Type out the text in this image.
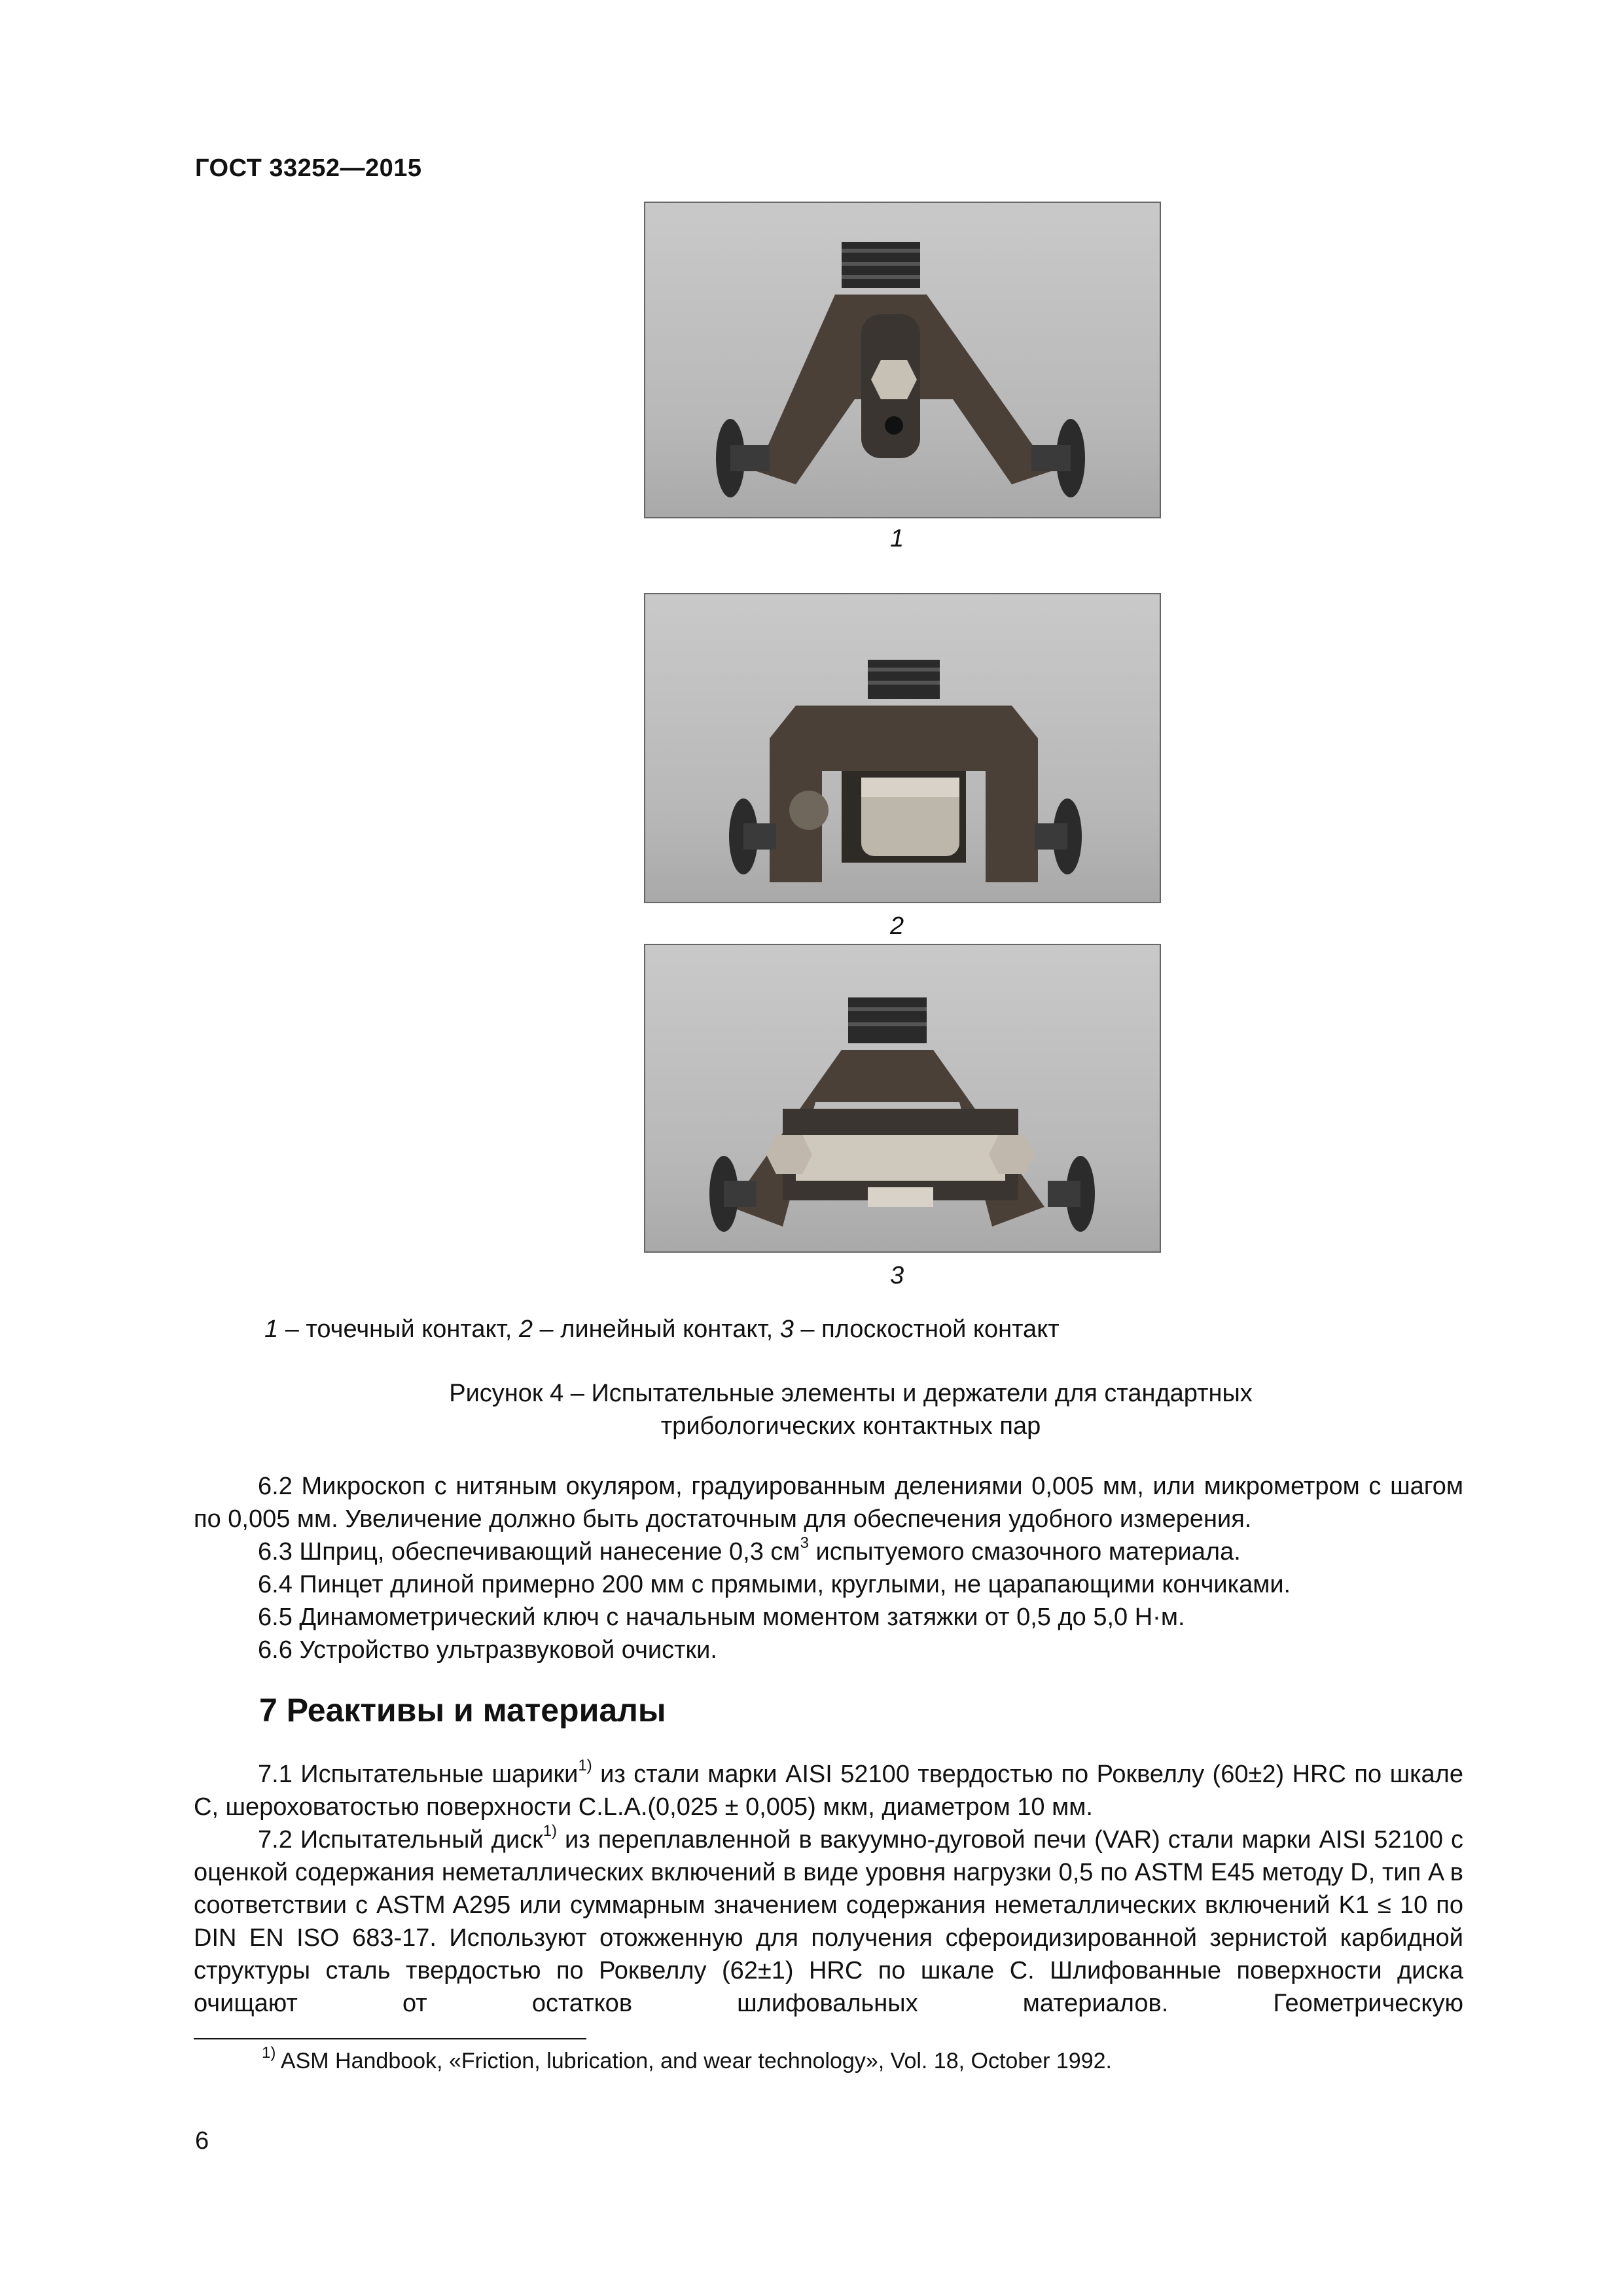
ГОСТ 33252—2015
1
2
3
1 – точечный контакт, 2 – линейный контакт, 3 – плоскостной контакт
Рисунок 4 – Испытательные элементы и держатели для стандартных
трибологических контактных пар

6.2 Микроскоп с нитяным окуляром, градуированным делениями 0,005 мм, или микрометром с шагом по 0,005 мм. Увеличение должно быть достаточным для обеспечения удобного измерения.

6.3 Шприц, обеспечивающий нанесение 0,3 $см^3$ испытуемого смазочного материала.

6.4 Пинцет длиной примерно 200 мм с прямыми, круглыми, не царапающими кончиками.

6.5 Динамометрический ключ с начальным моментом затяжки от 0,5 до 5,0 Н·м.

6.6 Устройство ультразвуковой очистки.

7 Реактивы и материалы

7.1 Испытательные шарики$^{1)}$ из стали марки AISI 52100 твердостью по Роквеллу (60±2) HRC по шкале C, шероховатостью поверхности C.L.A.(0,025 ± 0,005) мкм, диаметром 10 мм.

7.2 Испытательный диск$^{1)}$ из переплавленной в вакуумно-дуговой печи (VAR) стали марки AISI 52100 с оценкой содержания неметаллических включений в виде уровня нагрузки 0,5 по ASTM E45 методу D, тип A в соответствии с ASTM A295 или суммарным значением содержания неметаллических включений K1 ≤ 10 по DIN EN ISO 683-17. Используют отожженную для получения сфероидизированной зернистой карбидной структуры сталь твердостью по Роквеллу (62±1) HRC по шкале C. Шлифованные поверхности диска очищают от остатков шлифовальных материалов. Геометрическую

$^{1)}$ ASM Handbook, «Friction, lubrication, and wear technology», Vol. 18, October 1992.
6
